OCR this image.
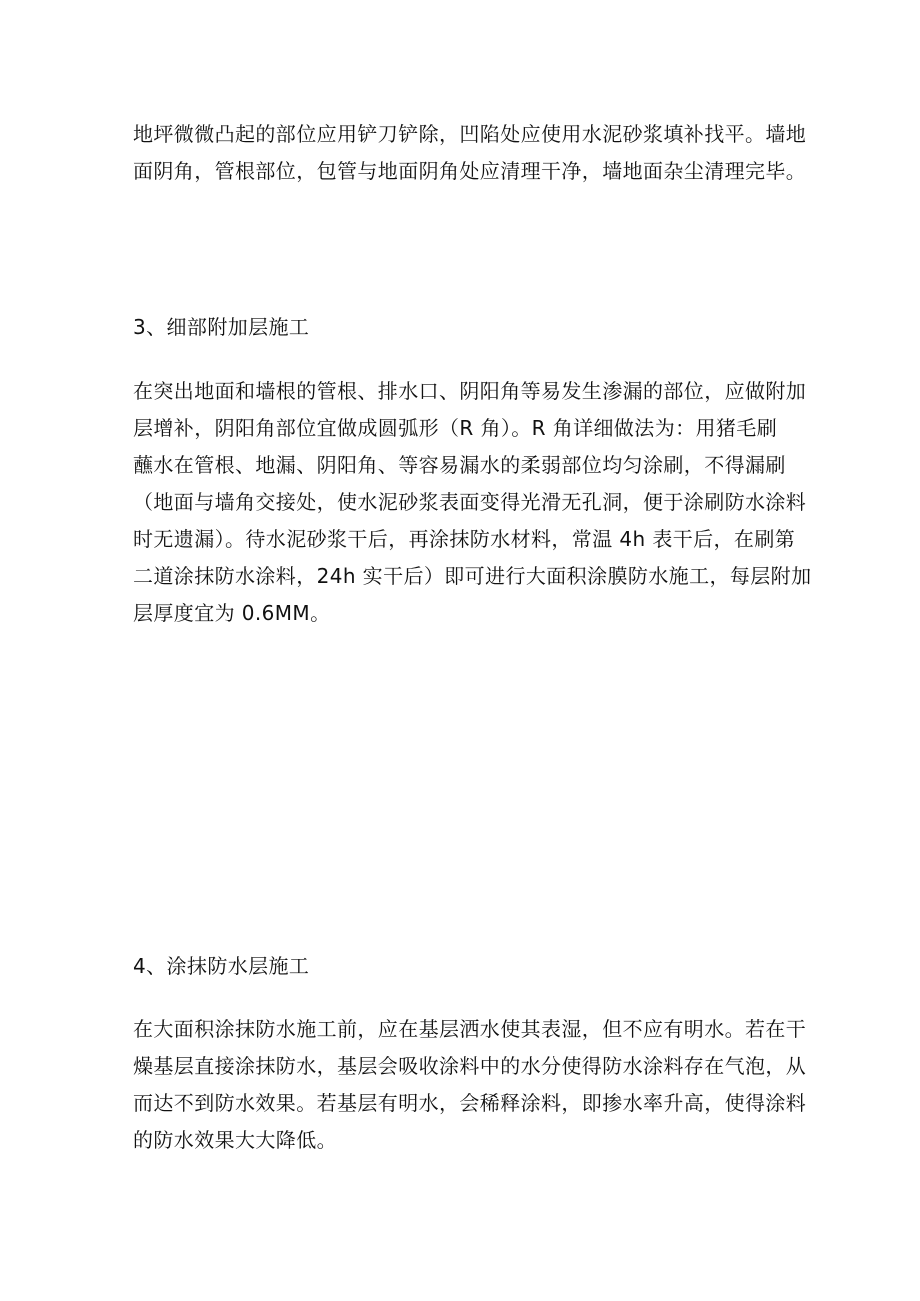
地坪微微凸起的部位应用铲刀铲除，凹陷处应使用水泥砂浆填补找平。墙地
面阴角，管根部位，包管与地面阴角处应清理干净，墙地面杂尘清理完毕。

3、细部附加层施工

在突出地面和墙根的管根、排水口、阴阳角等易发生渗漏的部位，应做附加
层增补，阴阳角部位宜做成圆弧形（R 角）。R 角详细做法为：用猪毛刷
蘸水在管根、地漏、阴阳角、等容易漏水的柔弱部位均匀涂刷，不得漏刷
（地面与墙角交接处，使水泥砂浆表面变得光滑无孔洞，便于涂刷防水涂料
时无遗漏）。待水泥砂浆干后，再涂抹防水材料，常温 4h 表干后，在刷第
二道涂抹防水涂料，24h 实干后）即可进行大面积涂膜防水施工，每层附加
层厚度宜为 0.6MM。

4、涂抹防水层施工

在大面积涂抹防水施工前，应在基层洒水使其表湿，但不应有明水。若在干
燥基层直接涂抹防水，基层会吸收涂料中的水分使得防水涂料存在气泡，从
而达不到防水效果。若基层有明水，会稀释涂料，即掺水率升高，使得涂料
的防水效果大大降低。
